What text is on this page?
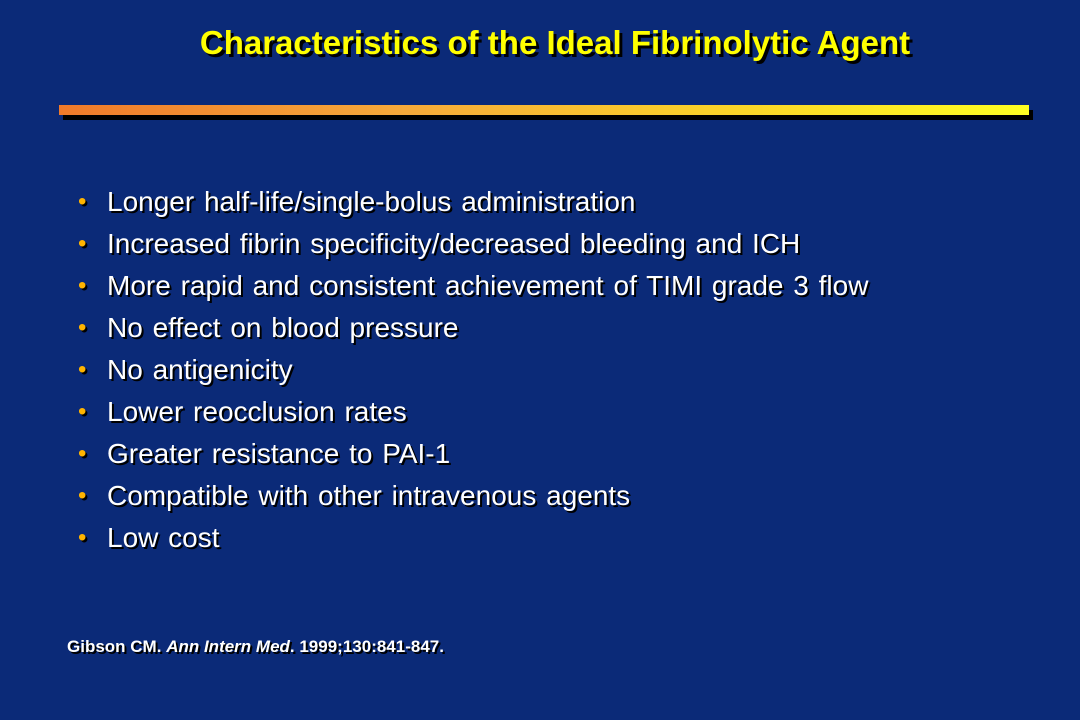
Characteristics of the Ideal Fibrinolytic Agent
• Longer half-life/single-bolus administration
• Increased fibrin specificity/decreased bleeding and ICH
• More rapid and consistent achievement of TIMI grade 3 flow
• No effect on blood pressure
• No antigenicity
• Lower reocclusion rates
• Greater resistance to PAI-1
• Compatible with other intravenous agents
• Low cost
Gibson CM. Ann Intern Med. 1999;130:841-847.
